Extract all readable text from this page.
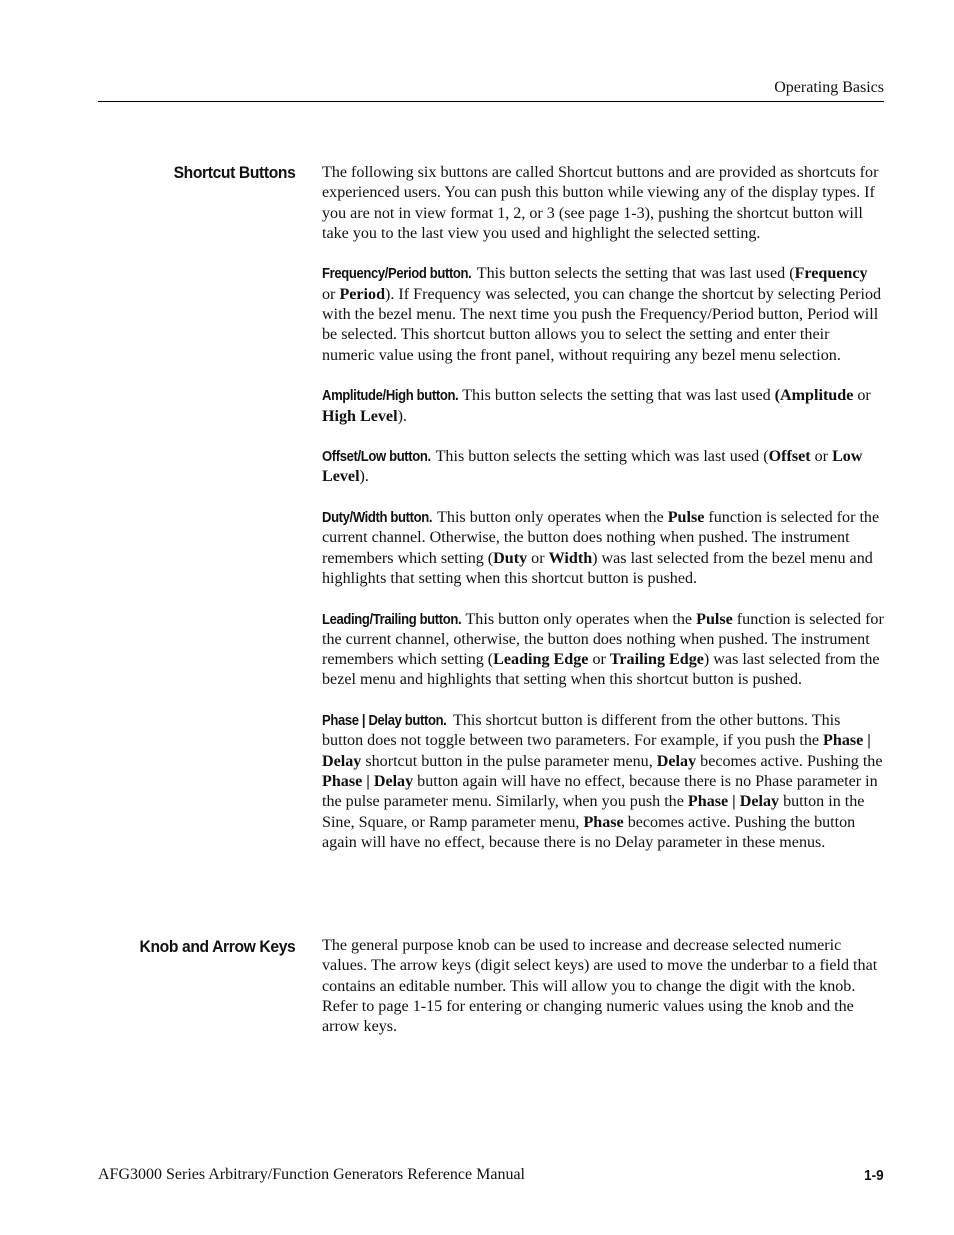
Operating Basics
Shortcut Buttons The following six buttons are called Shortcut buttons and are provided as shortcuts for experienced users. You can push this button while viewing any of the display types. If you are not in view format 1, 2, or 3 (see page 1-3), pushing the shortcut button will take you to the last view you used and highlight the selected setting.

Frequency/Period button. This button selects the setting that was last used (Frequency or Period). If Frequency was selected, you can change the shortcut by selecting Period with the bezel menu. The next time you push the Frequency/Period button, Period will be selected. This shortcut button allows you to select the setting and enter their numeric value using the front panel, without requiring any bezel menu selection.

Amplitude/High button. This button selects the setting that was last used (Amplitude or High Level).

Offset/Low button. This button selects the setting which was last used (Offset or Low Level).

Duty/Width button. This button only operates when the Pulse function is selected for the current channel. Otherwise, the button does nothing when pushed. The instrument remembers which setting (Duty or Width) was last selected from the bezel menu and highlights that setting when this shortcut button is pushed.

Leading/Trailing button. This button only operates when the Pulse function is selected for the current channel, otherwise, the button does nothing when pushed. The instrument remembers which setting (Leading Edge or Trailing Edge) was last selected from the bezel menu and highlights that setting when this shortcut button is pushed.

Phase | Delay button. This shortcut button is different from the other buttons. This button does not toggle between two parameters. For example, if you push the Phase | Delay shortcut button in the pulse parameter menu, Delay becomes active. Pushing the Phase | Delay button again will have no effect, because there is no Phase parameter in the pulse parameter menu. Similarly, when you push the Phase | Delay button in the Sine, Square, or Ramp parameter menu, Phase becomes active. Pushing the button again will have no effect, because there is no Delay parameter in these menus.

Knob and Arrow Keys The general purpose knob can be used to increase and decrease selected numeric values. The arrow keys (digit select keys) are used to move the underbar to a field that contains an editable number. This will allow you to change the digit with the knob. Refer to page 1-15 for entering or changing numeric values using the knob and the arrow keys.

AFG3000 Series Arbitrary/Function Generators Reference Manual	1-9
